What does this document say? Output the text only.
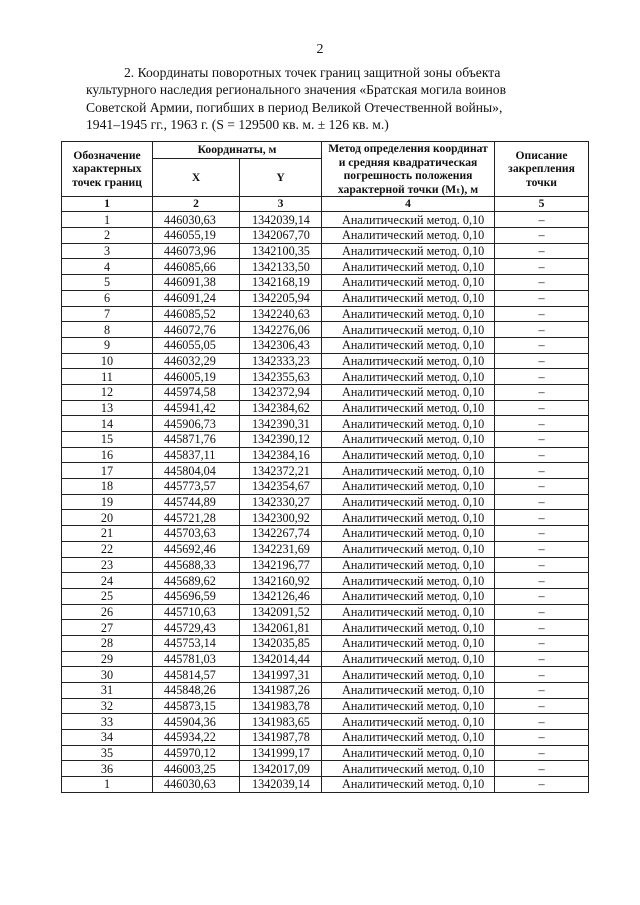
2
2. Координаты поворотных точек границ защитной зоны объекта
культурного наследия регионального значения «Братская могила воинов
Советской Армии, погибших в период Великой Отечественной войны»,
1941–1945 гг., 1963 г. (S = 129500 кв. м. ± 126 кв. м.)
Обозначение характерных точек границ	Координаты, м		Метод определения координат и средняя квадратическая погрешность положения характерной точки (Mₜ), м	Описание закрепления точки
	X	Y		
1	2	3	4	5
1	446030,63	1342039,14	Аналитический метод. 0,10	–
2	446055,19	1342067,70	Аналитический метод. 0,10	–
3	446073,96	1342100,35	Аналитический метод. 0,10	–
4	446085,66	1342133,50	Аналитический метод. 0,10	–
5	446091,38	1342168,19	Аналитический метод. 0,10	–
6	446091,24	1342205,94	Аналитический метод. 0,10	–
7	446085,52	1342240,63	Аналитический метод. 0,10	–
8	446072,76	1342276,06	Аналитический метод. 0,10	–
9	446055,05	1342306,43	Аналитический метод. 0,10	–
10	446032,29	1342333,23	Аналитический метод. 0,10	–
11	446005,19	1342355,63	Аналитический метод. 0,10	–
12	445974,58	1342372,94	Аналитический метод. 0,10	–
13	445941,42	1342384,62	Аналитический метод. 0,10	–
14	445906,73	1342390,31	Аналитический метод. 0,10	–
15	445871,76	1342390,12	Аналитический метод. 0,10	–
16	445837,11	1342384,16	Аналитический метод. 0,10	–
17	445804,04	1342372,21	Аналитический метод. 0,10	–
18	445773,57	1342354,67	Аналитический метод. 0,10	–
19	445744,89	1342330,27	Аналитический метод. 0,10	–
20	445721,28	1342300,92	Аналитический метод. 0,10	–
21	445703,63	1342267,74	Аналитический метод. 0,10	–
22	445692,46	1342231,69	Аналитический метод. 0,10	–
23	445688,33	1342196,77	Аналитический метод. 0,10	–
24	445689,62	1342160,92	Аналитический метод. 0,10	–
25	445696,59	1342126,46	Аналитический метод. 0,10	–
26	445710,63	1342091,52	Аналитический метод. 0,10	–
27	445729,43	1342061,81	Аналитический метод. 0,10	–
28	445753,14	1342035,85	Аналитический метод. 0,10	–
29	445781,03	1342014,44	Аналитический метод. 0,10	–
30	445814,57	1341997,31	Аналитический метод. 0,10	–
31	445848,26	1341987,26	Аналитический метод. 0,10	–
32	445873,15	1341983,78	Аналитический метод. 0,10	–
33	445904,36	1341983,65	Аналитический метод. 0,10	–
34	445934,22	1341987,78	Аналитический метод. 0,10	–
35	445970,12	1341999,17	Аналитический метод. 0,10	–
36	446003,25	1342017,09	Аналитический метод. 0,10	–
1	446030,63	1342039,14	Аналитический метод. 0,10	–
